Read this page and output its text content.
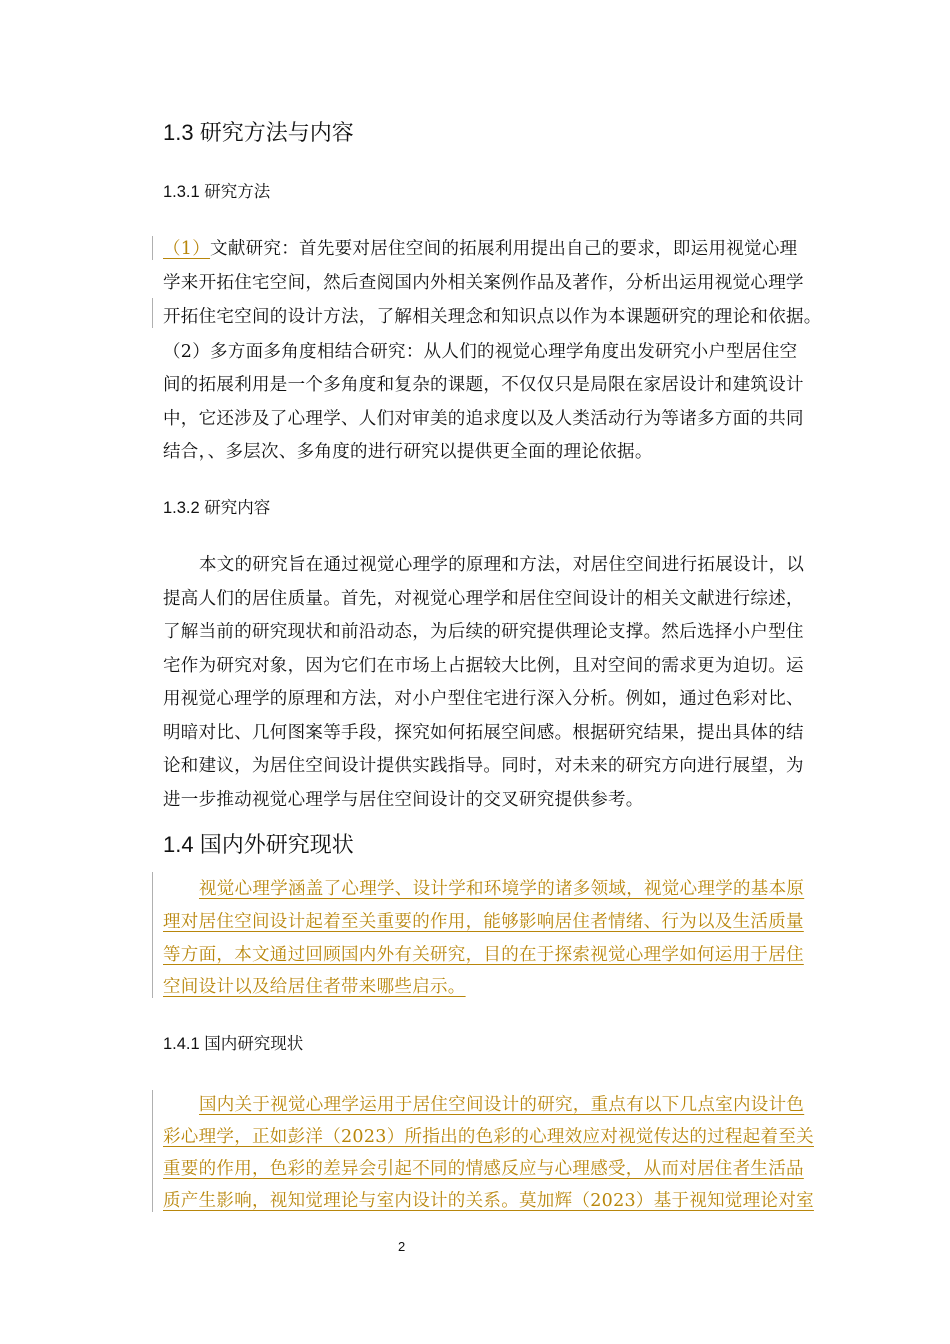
1.3 研究方法与内容
1.3.1 研究方法
（1）文献研究：首先要对居住空间的拓展利用提出自己的要求，即运用视觉心理
学来开拓住宅空间，然后查阅国内外相关案例作品及著作，分析出运用视觉心理学
开拓住宅空间的设计方法，了解相关理念和知识点以作为本课题研究的理论和依据。
（2）多方面多角度相结合研究：从人们的视觉心理学角度出发研究小户型居住空
间的拓展利用是一个多角度和复杂的课题，不仅仅只是局限在家居设计和建筑设计
中，它还涉及了心理学、人们对审美的追求度以及人类活动行为等诸多方面的共同
结合，、多层次、多角度的进行研究以提供更全面的理论依据。
1.3.2 研究内容
本文的研究旨在通过视觉心理学的原理和方法，对居住空间进行拓展设计，以
提高人们的居住质量。首先，对视觉心理学和居住空间设计的相关文献进行综述，
了解当前的研究现状和前沿动态，为后续的研究提供理论支撑。然后选择小户型住
宅作为研究对象，因为它们在市场上占据较大比例，且对空间的需求更为迫切。运
用视觉心理学的原理和方法，对小户型住宅进行深入分析。例如，通过色彩对比、
明暗对比、几何图案等手段，探究如何拓展空间感。根据研究结果，提出具体的结
论和建议，为居住空间设计提供实践指导。同时，对未来的研究方向进行展望，为
进一步推动视觉心理学与居住空间设计的交叉研究提供参考。
1.4 国内外研究现状
视觉心理学涵盖了心理学、设计学和环境学的诸多领域，视觉心理学的基本原
理对居住空间设计起着至关重要的作用，能够影响居住者情绪、行为以及生活质量
等方面，本文通过回顾国内外有关研究，目的在于探索视觉心理学如何运用于居住
空间设计以及给居住者带来哪些启示。
1.4.1 国内研究现状
国内关于视觉心理学运用于居住空间设计的研究，重点有以下几点室内设计色
彩心理学，正如彭洋（2023）所指出的色彩的心理效应对视觉传达的过程起着至关
重要的作用，色彩的差异会引起不同的情感反应与心理感受，从而对居住者生活品
质产生影响，视知觉理论与室内设计的关系。莫加辉（2023）基于视知觉理论对室
2
